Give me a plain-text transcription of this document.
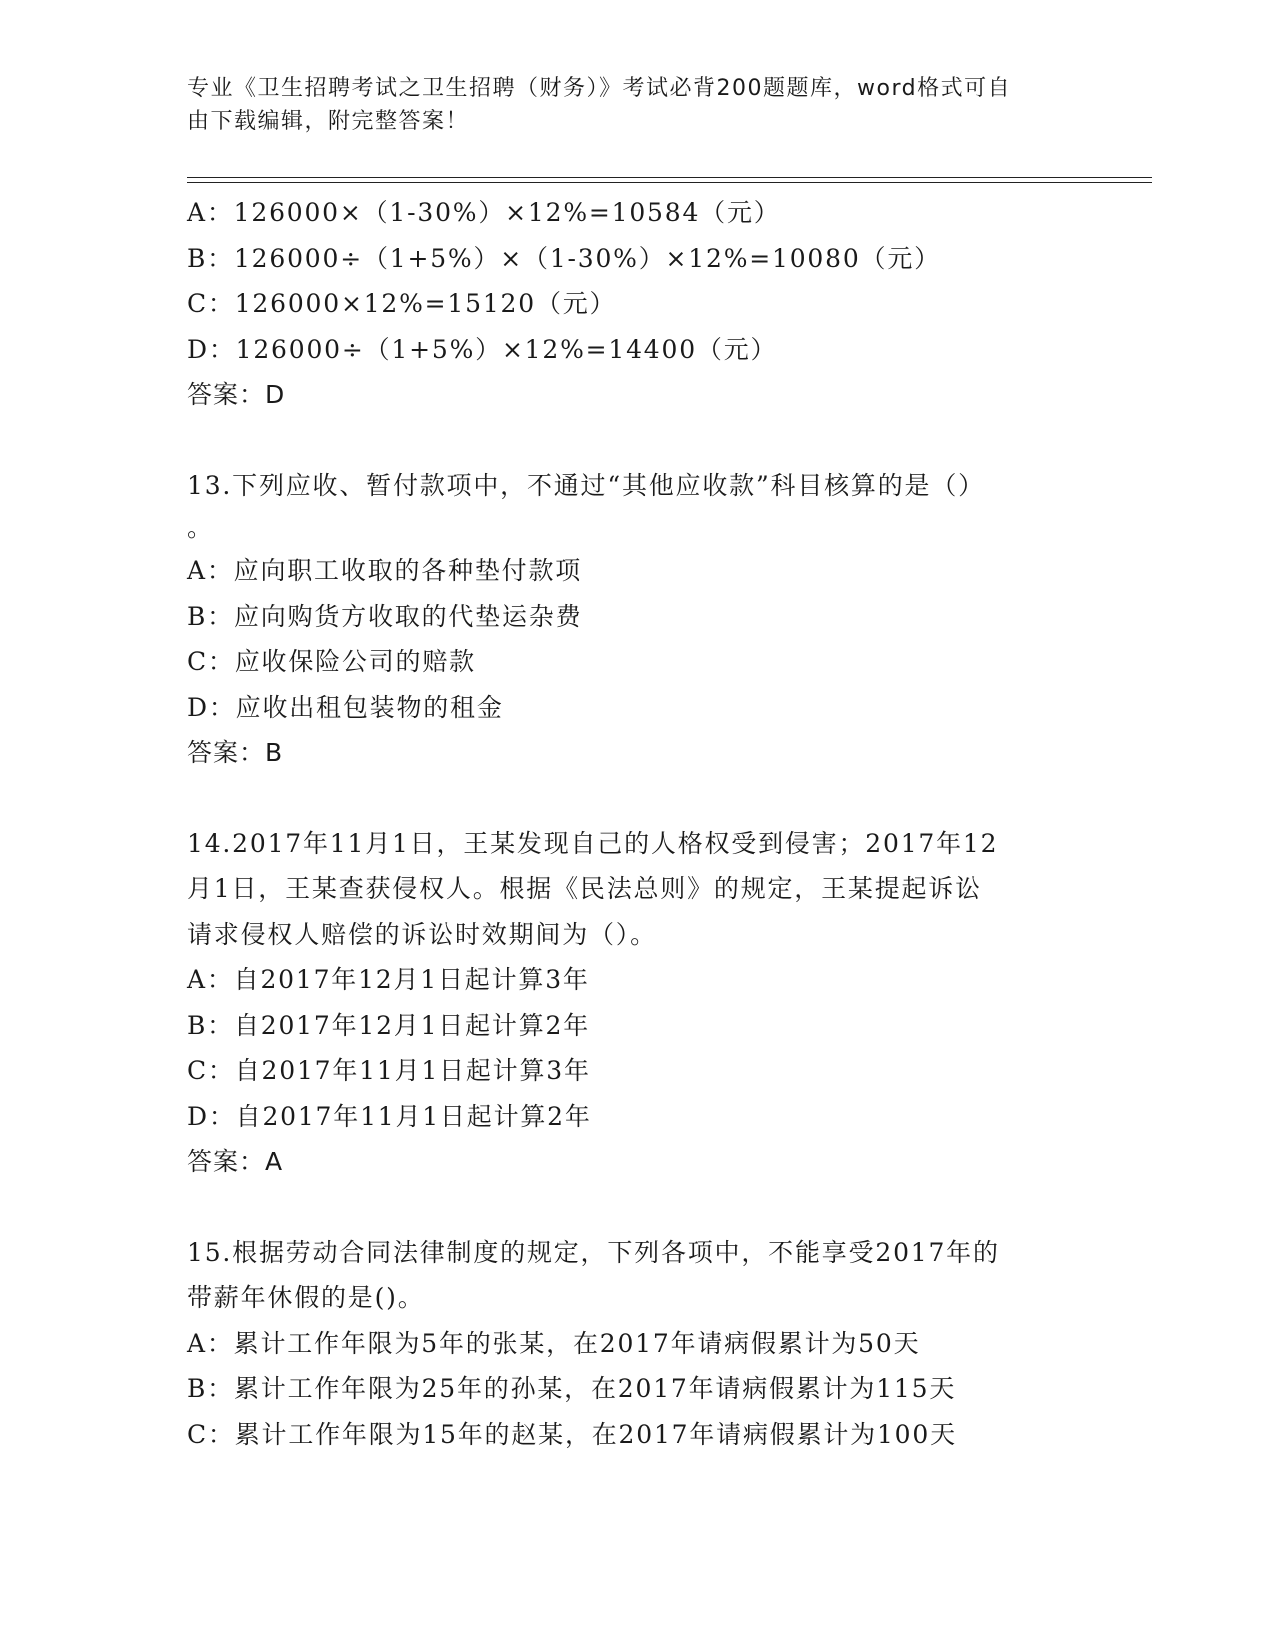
专业《卫生招聘考试之卫生招聘（财务）》考试必背200题题库，word格式可自
由下载编辑，附完整答案！
A：126000×（1-30%）×12%=10584（元）
B：126000÷（1+5%）×（1-30%）×12%=10080（元）
C：126000×12%=15120（元）
D：126000÷（1+5%）×12%=14400（元）
答案：D
13.下列应收、暂付款项中，不通过“其他应收款”科目核算的是（）
。
A：应向职工收取的各种垫付款项
B：应向购货方收取的代垫运杂费
C：应收保险公司的赔款
D：应收出租包装物的租金
答案：B
14.2017年11月1日，王某发现自己的人格权受到侵害；2017年12
月1日，王某查获侵权人。根据《民法总则》的规定，王某提起诉讼
请求侵权人赔偿的诉讼时效期间为（）。
A：自2017年12月1日起计算3年
B：自2017年12月1日起计算2年
C：自2017年11月1日起计算3年
D：自2017年11月1日起计算2年
答案：A
15.根据劳动合同法律制度的规定，下列各项中，不能享受2017年的
带薪年休假的是()。
A：累计工作年限为5年的张某，在2017年请病假累计为50天
B：累计工作年限为25年的孙某，在2017年请病假累计为115天
C：累计工作年限为15年的赵某，在2017年请病假累计为100天
